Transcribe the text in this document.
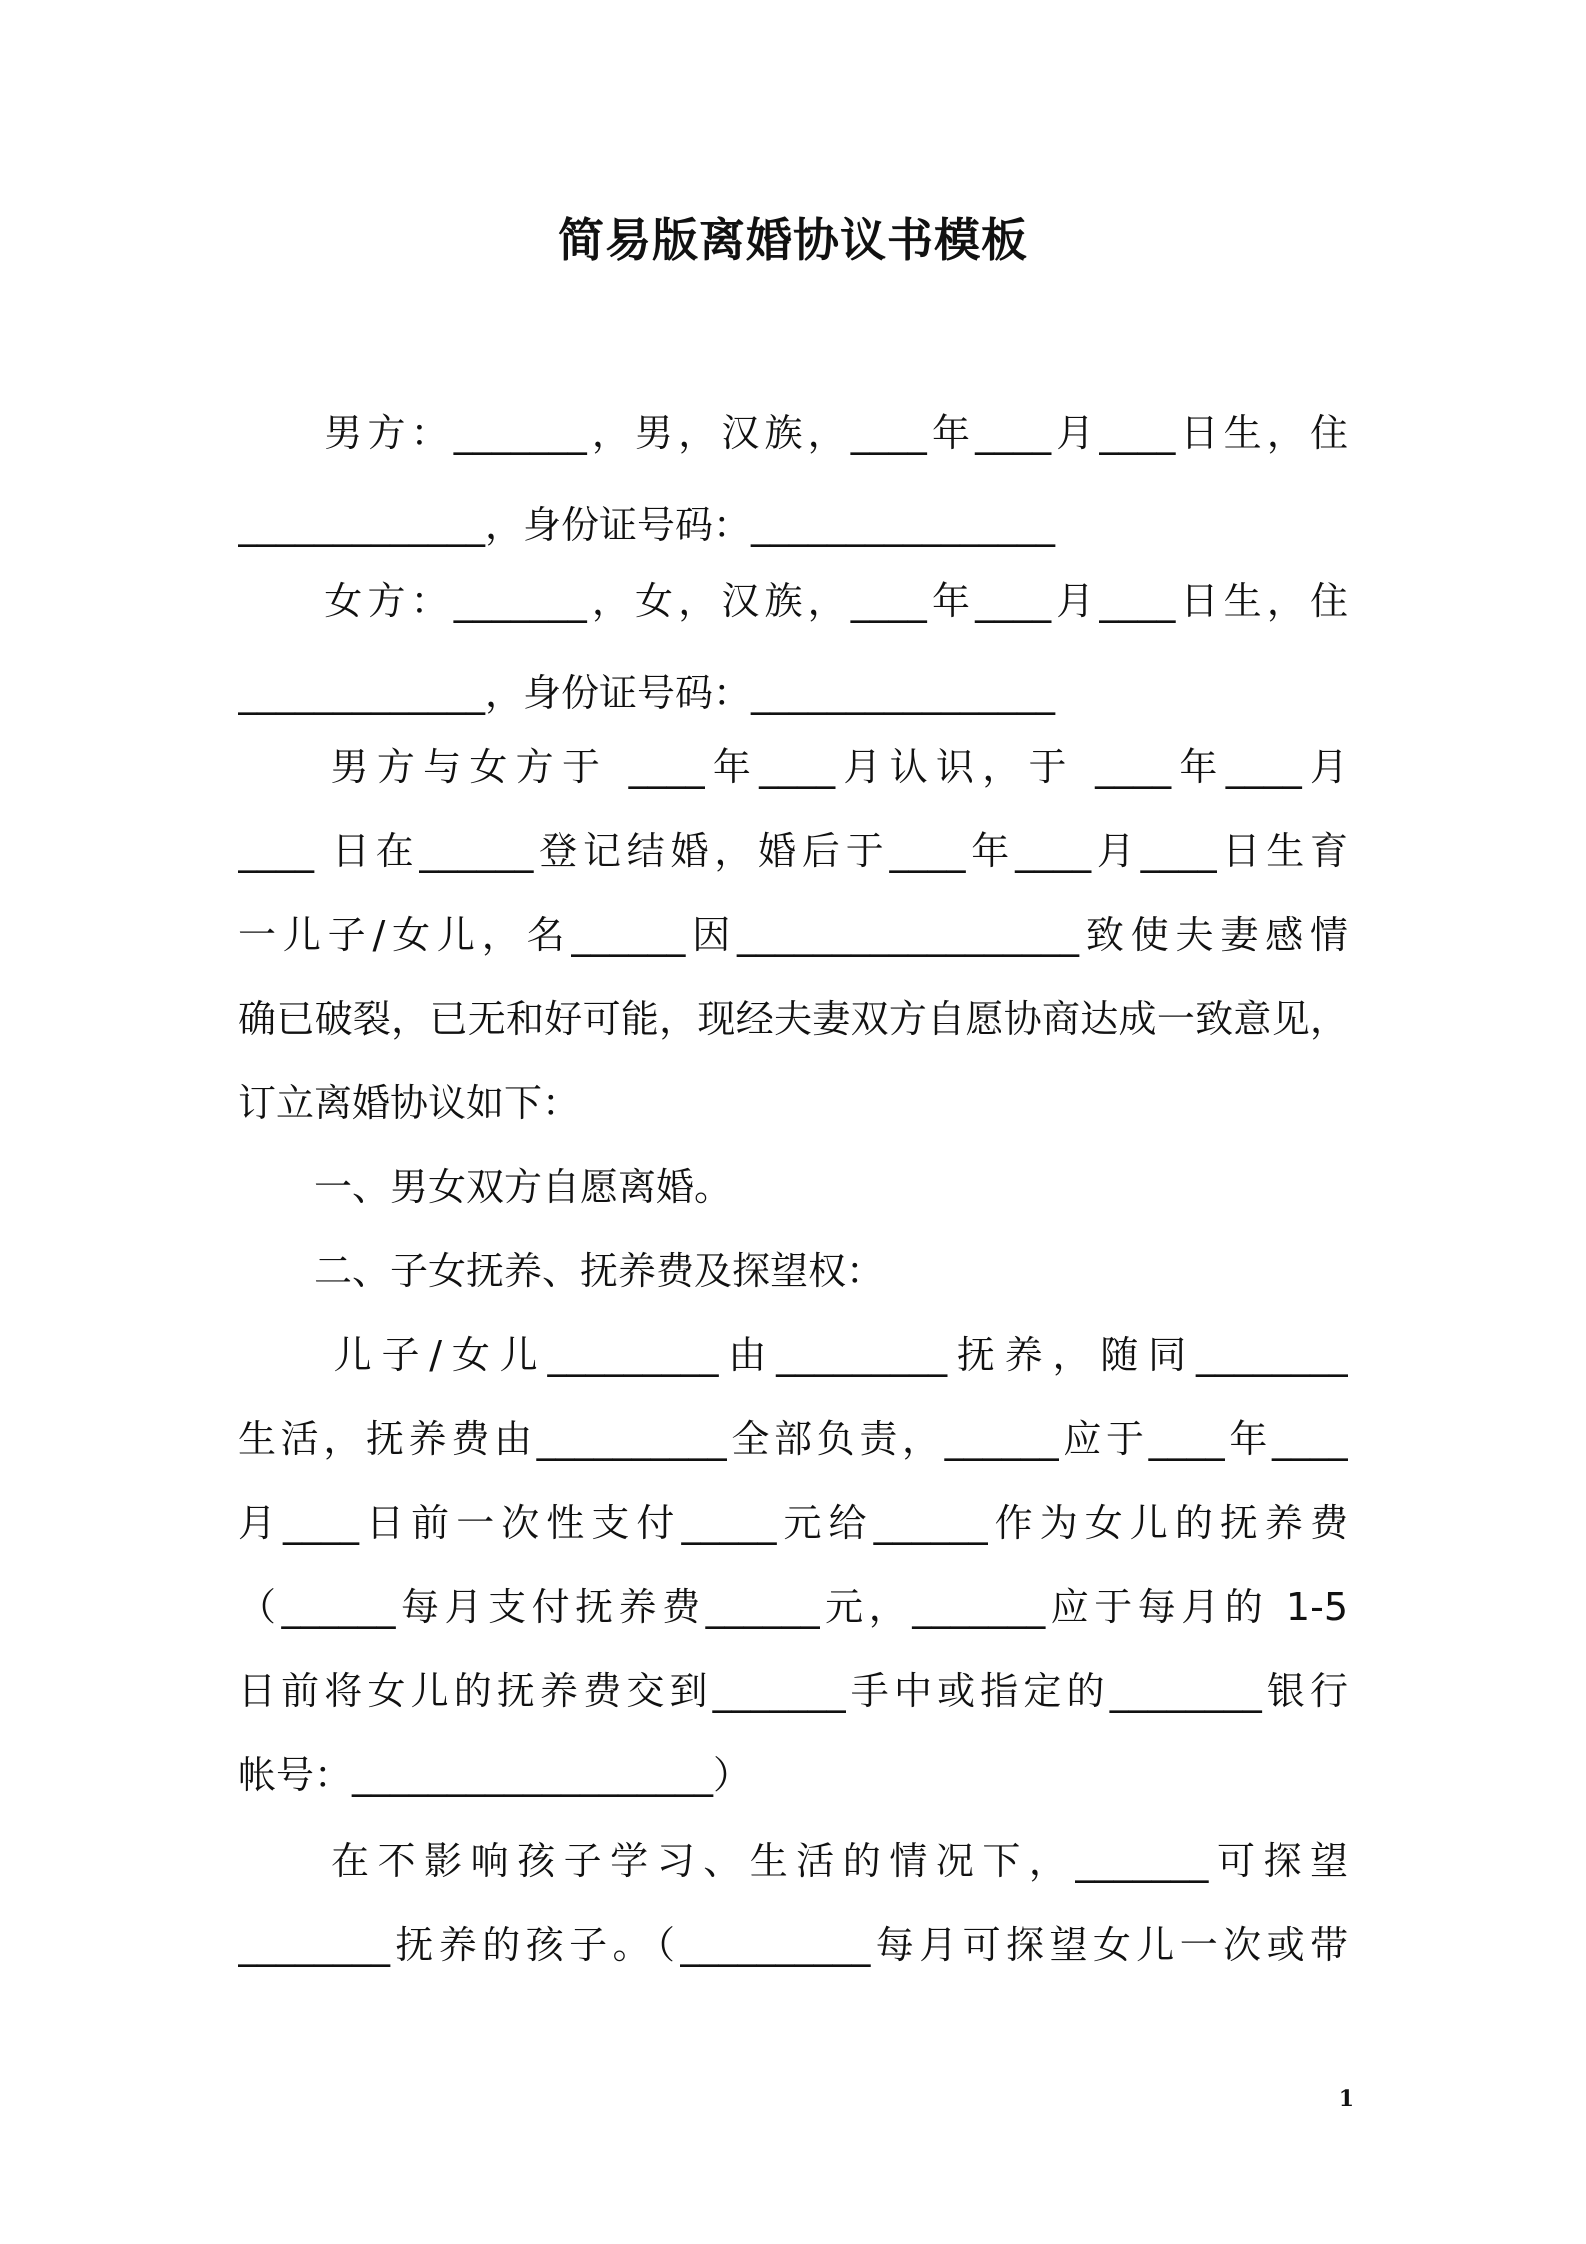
简易版离婚协议书模板
　　男方：_______，男，汉族，____年____月____日生，住
_____________，身份证号码：________________
　　女方：_______，女，汉族，____年____月____日生，住
_____________，身份证号码：________________
　　男方与女方于 ____年____月认识，于 ____年____月
____ 日在______登记结婚，婚后于____年____月____日生育
一儿子/女儿，名______因__________________致使夫妻感情
确已破裂，已无和好可能，现经夫妻双方自愿协商达成一致意见，
订立离婚协议如下：
　　一、男女双方自愿离婚。
　　二、子女抚养、抚养费及探望权：
　　儿子/女儿_________由_________抚养，随同________
生活，抚养费由__________全部负责，______应于____年____
月____日前一次性支付_____元给______作为女儿的抚养费
（______每月支付抚养费______元，_______应于每月的 1-5
日前将女儿的抚养费交到_______手中或指定的________银行
帐号：___________________）
　　在不影响孩子学习、生活的情况下，_______可探望
________抚养的孩子。（__________每月可探望女儿一次或带
1
